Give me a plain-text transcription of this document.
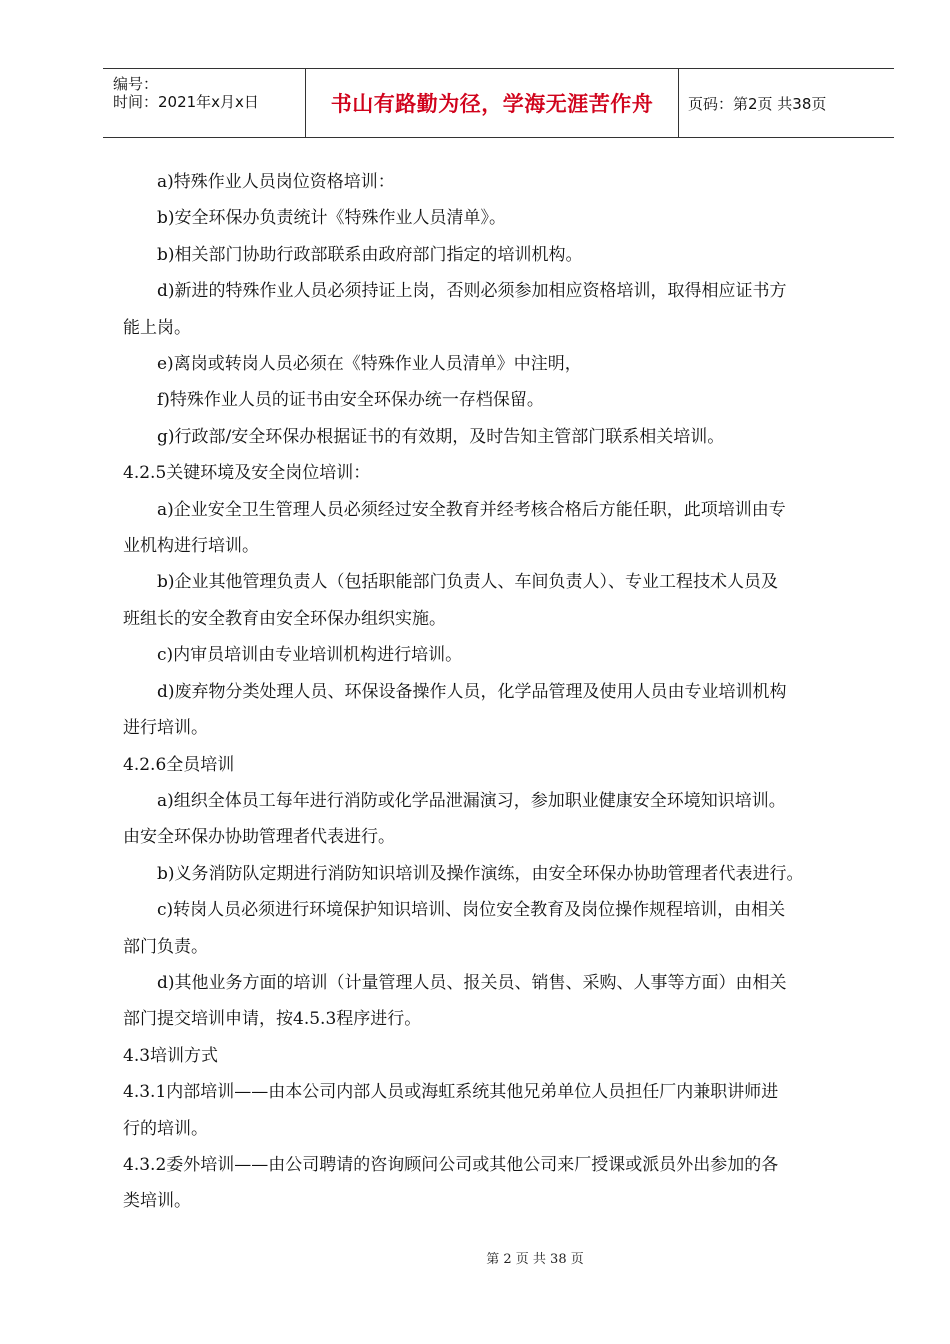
编号：
时间：2021年x月x日	书山有路勤为径，学海无涯苦作舟 页码：第2页 共38页
a)特殊作业人员岗位资格培训：
b)安全环保办负责统计《特殊作业人员清单》。
b)相关部门协助行政部联系由政府部门指定的培训机构。
d)新进的特殊作业人员必须持证上岗，否则必须参加相应资格培训，取得相应证书方
能上岗。
e)离岗或转岗人员必须在《特殊作业人员清单》中注明，
f)特殊作业人员的证书由安全环保办统一存档保留。
g)行政部/安全环保办根据证书的有效期，及时告知主管部门联系相关培训。
4.2.5关键环境及安全岗位培训：
a)企业安全卫生管理人员必须经过安全教育并经考核合格后方能任职，此项培训由专
业机构进行培训。
b)企业其他管理负责人（包括职能部门负责人、车间负责人）、专业工程技术人员及
班组长的安全教育由安全环保办组织实施。
c)内审员培训由专业培训机构进行培训。
d)废弃物分类处理人员、环保设备操作人员，化学品管理及使用人员由专业培训机构
进行培训。
4.2.6全员培训
a)组织全体员工每年进行消防或化学品泄漏演习，参加职业健康安全环境知识培训。
由安全环保办协助管理者代表进行。
b)义务消防队定期进行消防知识培训及操作演练，由安全环保办协助管理者代表进行。
c)转岗人员必须进行环境保护知识培训、岗位安全教育及岗位操作规程培训，由相关
部门负责。
d)其他业务方面的培训（计量管理人员、报关员、销售、采购、人事等方面）由相关
部门提交培训申请，按4.5.3程序进行。
4.3培训方式
4.3.1内部培训——由本公司内部人员或海虹系统其他兄弟单位人员担任厂内兼职讲师进
行的培训。
4.3.2委外培训——由公司聘请的咨询顾问公司或其他公司来厂授课或派员外出参加的各
类培训。
第 2 页 共 38 页
